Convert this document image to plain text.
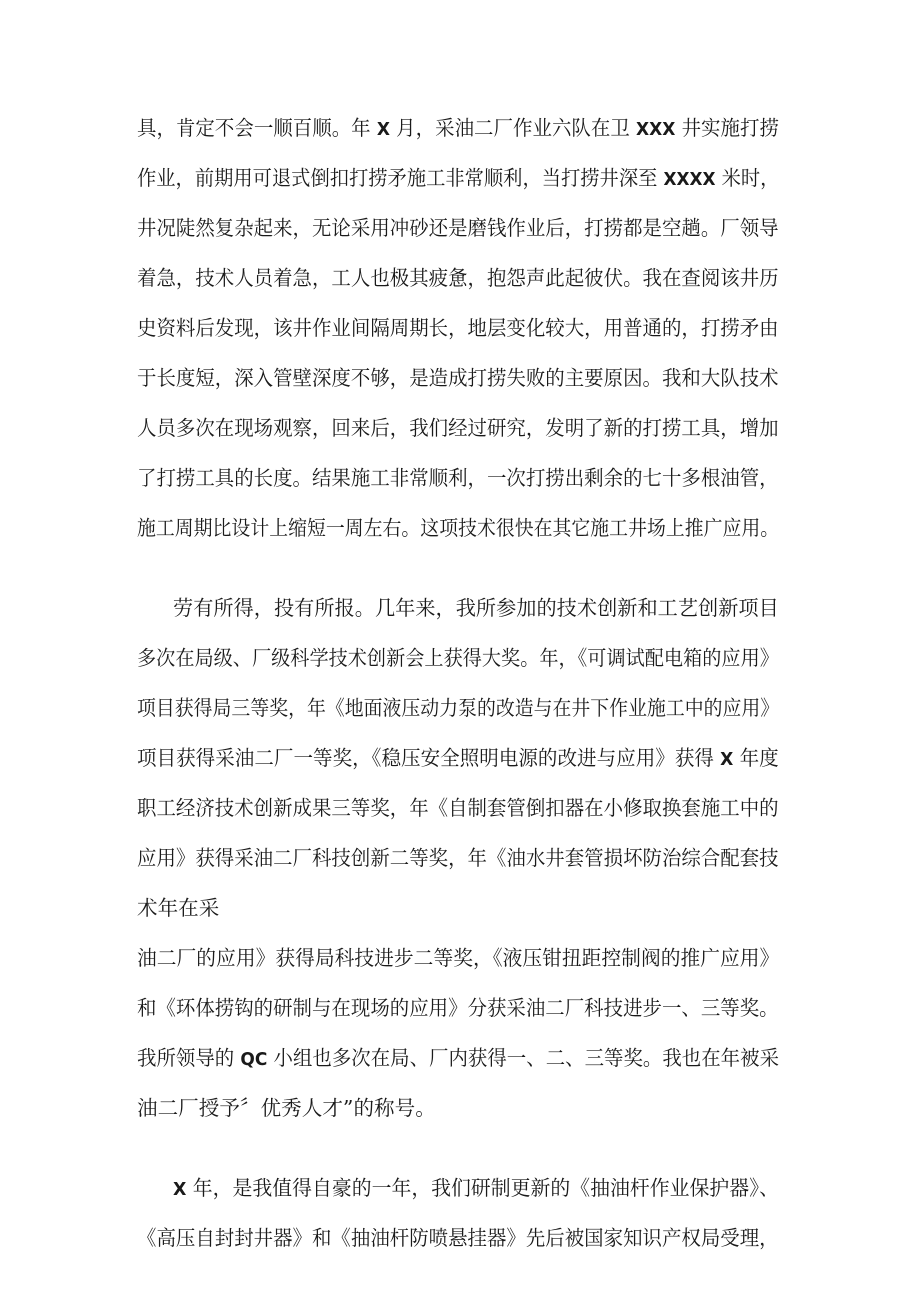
具，肯定不会一顺百顺。年 X 月，采油二厂作业六队在卫 XXX 井实施打捞
作业，前期用可退式倒扣打捞矛施工非常顺利，当打捞井深至 XXXX 米时，
井况陡然复杂起来，无论采用冲砂还是磨钱作业后，打捞都是空趟。厂领导
着急，技术人员着急，工人也极其疲惫，抱怨声此起彼伏。我在查阅该井历
史资料后发现，该井作业间隔周期长，地层变化较大，用普通的，打捞矛由
于长度短，深入管壁深度不够，是造成打捞失败的主要原因。我和大队技术
人员多次在现场观察，回来后，我们经过研究，发明了新的打捞工具，增加
了打捞工具的长度。结果施工非常顺利，一次打捞出剩余的七十多根油管，
施工周期比设计上缩短一周左右。这项技术很快在其它施工井场上推广应用。
劳有所得，投有所报。几年来，我所参加的技术创新和工艺创新项目
多次在局级、厂级科学技术创新会上获得大奖。年，《可调试配电箱的应用》
项目获得局三等奖，年《地面液压动力泵的改造与在井下作业施工中的应用》
项目获得采油二厂一等奖，《稳压安全照明电源的改进与应用》获得 X 年度
职工经济技术创新成果三等奖，年《自制套管倒扣器在小修取换套施工中的
应用》获得采油二厂科技创新二等奖，年《油水井套管损坏防治综合配套技
术年在采
油二厂的应用》获得局科技进步二等奖，《液压钳扭距控制阀的推广应用》
和《环体捞钩的研制与在现场的应用》分获采油二厂科技进步一、三等奖。
我所领导的 QC 小组也多次在局、厂内获得一、二、三等奖。我也在年被采
油二厂授予〞优秀人才”的称号。
X 年，是我值得自豪的一年，我们研制更新的《抽油杆作业保护器》、
《高压自封封井器》和《抽油杆防喷悬挂器》先后被国家知识产权局受理，
